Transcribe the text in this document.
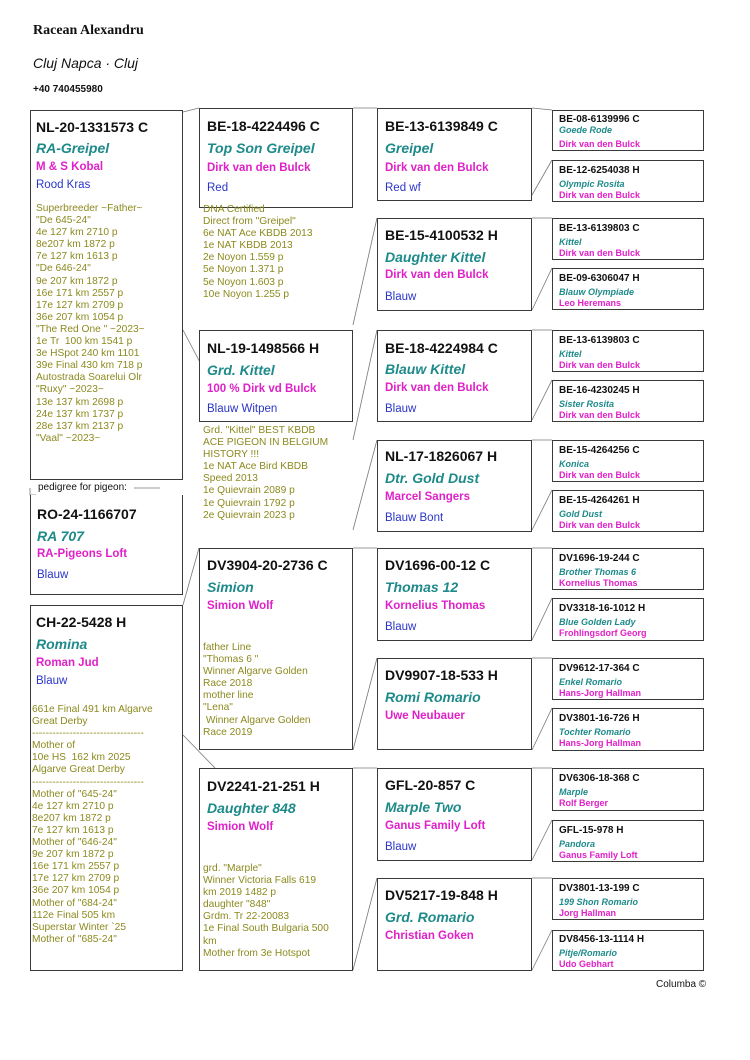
Racean Alexandru
Cluj Napca · Cluj
+40 740455980
pedigree for pigeon:
RO-24-1166707
RA 707
RA-Pigeons Loft
Blauw
NL-20-1331573 C
RA-Greipel
M & S Kobal
Rood Kras
Superbreeder ~Father~
"De 645-24"
4e 127 km 2710 p
8e207 km 1872 p
7e 127 km 1613 p
"De 646-24"
9e 207 km 1872 p
16e 171 km 2557 p
17e 127 km 2709 p
36e 207 km 1054 p
"The Red One " ~2023~
1e Tr  100 km 1541 p
3e HSpot 240 km 1101
39e Final 430 km 718 p
Autostrada Soarelui Olr
"Ruxy" ~2023~
13e 137 km 2698 p
24e 137 km 1737 p
28e 137 km 2137 p
"Vaal" ~2023~
CH-22-5428 H
Romina
Roman Jud
Blauw
661e Final 491 km Algarve
Great Derby
---------------------------------
Mother of
10e HS  162 km 2025
Algarve Great Derby
---------------------------------
Mother of "645-24"
4e 127 km 2710 p
8e207 km 1872 p
7e 127 km 1613 p
Mother of "646-24"
9e 207 km 1872 p
16e 171 km 2557 p
17e 127 km 2709 p
36e 207 km 1054 p
Mother of "684-24"
112e Final 505 km
Superstar Winter `25
Mother of "685-24"
BE-18-4224496 C
Top Son Greipel
Dirk van den Bulck
Red
DNA Certified
Direct from "Greipel"
6e NAT Ace KBDB 2013
1e NAT KBDB 2013
2e Noyon 1.559 p
5e Noyon 1.371 p
5e Noyon 1.603 p
10e Noyon 1.255 p
NL-19-1498566 H
Grd. Kittel
100 % Dirk vd Bulck
Blauw Witpen
Grd. "Kittel" BEST KBDB
ACE PIGEON IN BELGIUM
HISTORY !!!
1e NAT Ace Bird KBDB
Speed 2013
1e Quievrain 2089 p
1e Quievrain 1792 p
2e Quievrain 2023 p
DV3904-20-2736 C
Simion
Simion Wolf
father Line
"Thomas 6 "
Winner Algarve Golden
Race 2018
mother line
"Lena"
Winner Algarve Golden
Race 2019
DV2241-21-251 H
Daughter 848
Simion Wolf
grd. "Marple"
Winner Victoria Falls 619
km 2019 1482 p
daughter "848"
Grdm. Tr 22-20083
1e Final South Bulgaria 500
km
Mother from 3e Hotspot
BE-13-6139849 C
Greipel
Dirk van den Bulck
Red wf
BE-15-4100532 H
Daughter Kittel
Dirk van den Bulck
Blauw
BE-18-4224984 C
Blauw Kittel
Dirk van den Bulck
Blauw
NL-17-1826067 H
Dtr. Gold Dust
Marcel Sangers
Blauw Bont
DV1696-00-12 C
Thomas 12
Kornelius Thomas
Blauw
DV9907-18-533 H
Romi Romario
Uwe Neubauer
GFL-20-857 C
Marple Two
Ganus Family Loft
Blauw
DV5217-19-848 H
Grd. Romario
Christian Goken
BE-08-6139996 C
Goede Rode
Dirk van den Bulck
BE-12-6254038 H
Olympic Rosita
Dirk van den Bulck
BE-13-6139803 C
Kittel
Dirk van den Bulck
BE-09-6306047 H
Blauw Olympiade
Leo Heremans
BE-13-6139803 C
Kittel
Dirk van den Bulck
BE-16-4230245 H
Sister Rosita
Dirk van den Bulck
BE-15-4264256 C
Konica
Dirk van den Bulck
BE-15-4264261 H
Gold Dust
Dirk van den Bulck
DV1696-19-244 C
Brother Thomas 6
Kornelius Thomas
DV3318-16-1012 H
Blue Golden Lady
Frohlingsdorf Georg
DV9612-17-364 C
Enkel Romario
Hans-Jorg Hallman
DV3801-16-726 H
Tochter Romario
Hans-Jorg Hallman
DV6306-18-368 C
Marple
Rolf Berger
GFL-15-978 H
Pandora
Ganus Family Loft
DV3801-13-199 C
199 Shon Romario
Jorg Hallman
DV8456-13-1114 H
Pitje/Romario
Udo Gebhart
Columba ©
